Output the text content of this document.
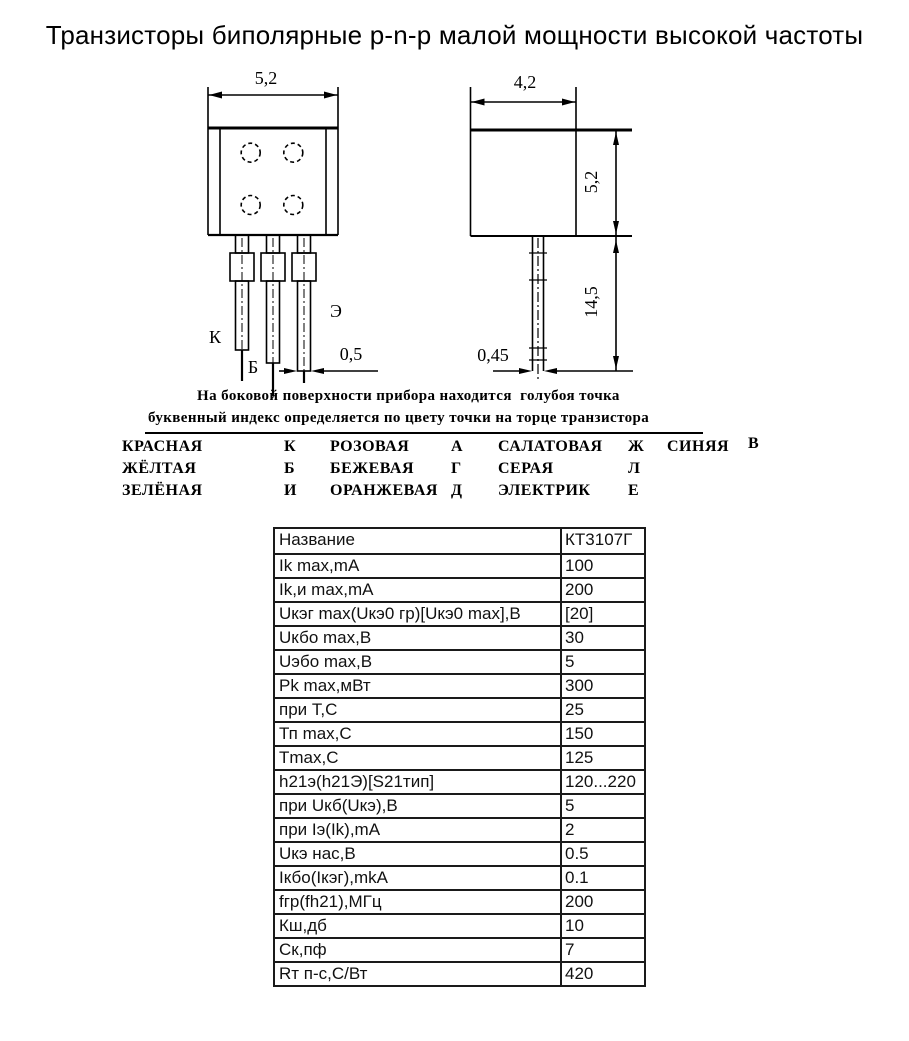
Транзисторы биполярные p-n-p малой мощности высокой частоты
5,2
К
Б
Э
0,5
4,2
5,2
14,5
0,45
На боковой поверхности прибора находится  голубоя точка
буквенный индекс определяется по цвету точки на торце транзистора
КРАСНАЯ	К РОЗОВАЯ	А САЛАТОВАЯ Ж СИНЯЯ В
ЖЁЛТАЯ	Б БЕЖЕВАЯ Г СЕРАЯ	Л
ЗЕЛЁНАЯ	И ОРАНЖЕВАЯ Д ЭЛЕКТРИК Е
Название	КТ3107Г
Ik max,mA	100
Ik,и max,mA	200
Uкэг max(Uкэ0 гр)[Uкэ0 max],B	[20]
Uкбо max,B	30
Uэбо max,B	5
Pk max,мВт	300
при Т,С	25
Тп max,C	150
Tmax,C	125
h21э(h21Э)[S21тип]	120...220
при Uкб(Uкэ),B	5
при Iэ(Ik),mA	2
Uкэ нас,B	0.5
Iкбо(Iкэг),mkA	0.1
fгр(fh21),МГц	200
Кш,дб	10
Ск,пф	7
Rт п-с,С/Вт	420
